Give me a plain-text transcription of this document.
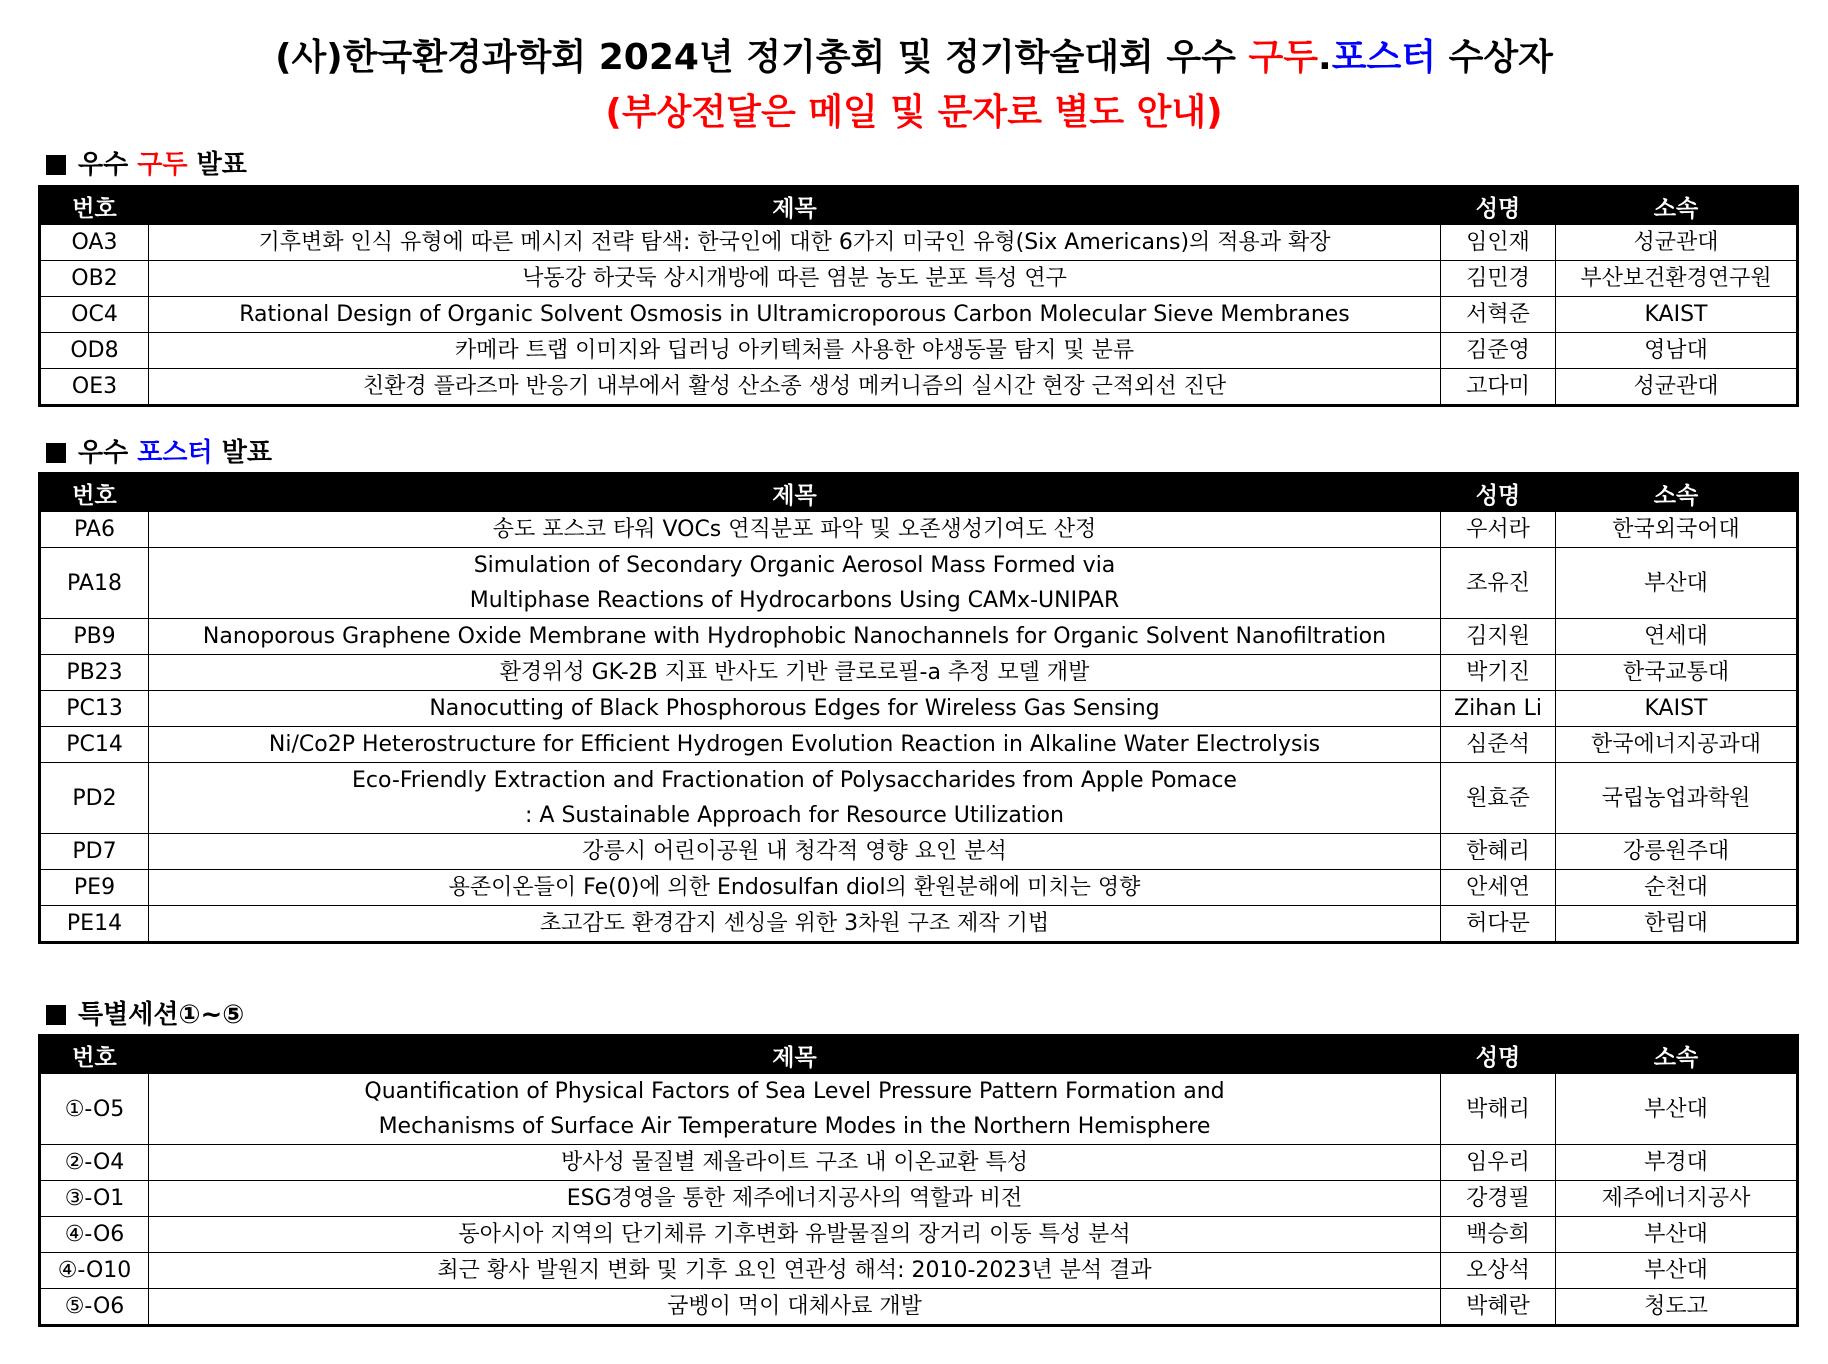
(사)한국환경과학회 2024년 정기총회 및 정기학술대회 우수 구두.포스터 수상자
(부상전달은 메일 및 문자로 별도 안내)
우수 구두 발표
번호	제목	성명	소속
OA3	기후변화 인식 유형에 따른 메시지 전략 탐색: 한국인에 대한 6가지 미국인 유형(Six Americans)의 적용과 확장	임인재	성균관대
OB2	낙동강 하굿둑 상시개방에 따른 염분 농도 분포 특성 연구	김민경	부산보건환경연구원
OC4	Rational Design of Organic Solvent Osmosis in Ultramicroporous Carbon Molecular Sieve Membranes	서혁준	KAIST
OD8	카메라 트랩 이미지와 딥러닝 아키텍처를 사용한 야생동물 탐지 및 분류	김준영	영남대
OE3	친환경 플라즈마 반응기 내부에서 활성 산소종 생성 메커니즘의 실시간 현장 근적외선 진단	고다미	성균관대
우수 포스터 발표
번호	제목	성명	소속
PA6	송도 포스코 타워 VOCs 연직분포 파악 및 오존생성기여도 산정	우서라	한국외국어대
PA18	Simulation of Secondary Organic Aerosol Mass Formed via
Multiphase Reactions of Hydrocarbons Using CAMx-UNIPAR	조유진	부산대
PB9	Nanoporous Graphene Oxide Membrane with Hydrophobic Nanochannels for Organic Solvent Nanofiltration	김지원	연세대
PB23	환경위성 GK-2B 지표 반사도 기반 클로로필-a 추정 모델 개발	박기진	한국교통대
PC13	Nanocutting of Black Phosphorous Edges for Wireless Gas Sensing	Zihan Li	KAIST
PC14	Ni/Co2P Heterostructure for Efficient Hydrogen Evolution Reaction in Alkaline Water Electrolysis	심준석	한국에너지공과대
PD2	Eco-Friendly Extraction and Fractionation of Polysaccharides from Apple Pomace
: A Sustainable Approach for Resource Utilization	원효준	국립농업과학원
PD7	강릉시 어린이공원 내 청각적 영향 요인 분석	한혜리	강릉원주대
PE9	용존이온들이 Fe(0)에 의한 Endosulfan diol의 환원분해에 미치는 영향	안세연	순천대
PE14	초고감도 환경감지 센싱을 위한 3차원 구조 제작 기법	허다문	한림대
특별세션①~⑤
번호	제목	성명	소속
①-O5	Quantification of Physical Factors of Sea Level Pressure Pattern Formation and
Mechanisms of Surface Air Temperature Modes in the Northern Hemisphere	박해리	부산대
②-O4	방사성 물질별 제올라이트 구조 내 이온교환 특성	임우리	부경대
③-O1	ESG경영을 통한 제주에너지공사의 역할과 비전	강경필	제주에너지공사
④-O6	동아시아 지역의 단기체류 기후변화 유발물질의 장거리 이동 특성 분석	백승희	부산대
④-O10	최근 황사 발원지 변화 및 기후 요인 연관성 해석: 2010-2023년 분석 결과	오상석	부산대
⑤-O6	굼벵이 먹이 대체사료 개발	박혜란	청도고
